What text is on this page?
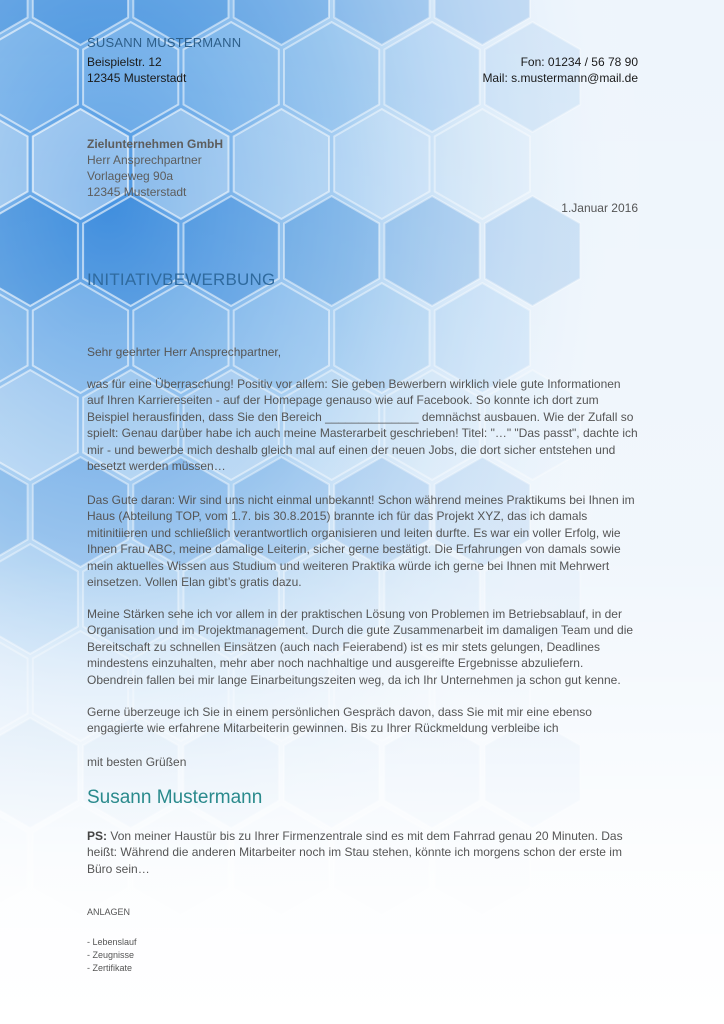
SUSANN MUSTERMANN
Beispielstr. 12
12345 Musterstadt
Fon: 01234 / 56 78 90
Mail: s.mustermann@mail.de
Zielunternehmen GmbH
Herr Ansprechpartner
Vorlageweg 90a
12345 Musterstadt
1.Januar 2016
INITIATIVBEWERBUNG

Sehr geehrter Herr Ansprechpartner,

was für eine Überraschung! Positiv vor allem: Sie geben Bewerbern wirklich viele gute Informationen auf Ihren Karriereseiten - auf der Homepage genauso wie auf Facebook. So konnte ich dort zum Beispiel herausfinden, dass Sie den Bereich ______________ demnächst ausbauen. Wie der Zufall so spielt: Genau darüber habe ich auch meine Masterarbeit geschrieben! Titel: "…" "Das passt", dachte ich mir - und bewerbe mich deshalb gleich mal auf einen der neuen Jobs, die dort sicher entstehen und besetzt werden müssen…

Das Gute daran: Wir sind uns nicht einmal unbekannt! Schon während meines Praktikums bei Ihnen im Haus (Abteilung TOP, vom 1.7. bis 30.8.2015) brannte ich für das Projekt XYZ, das ich damals mitinitiieren und schließlich verantwortlich organisieren und leiten durfte. Es war ein voller Erfolg, wie Ihnen Frau ABC, meine damalige Leiterin, sicher gerne bestätigt. Die Erfahrungen von damals sowie mein aktuelles Wissen aus Studium und weiteren Praktika würde ich gerne bei Ihnen mit Mehrwert einsetzen. Vollen Elan gibt’s gratis dazu.

Meine Stärken sehe ich vor allem in der praktischen Lösung von Problemen im Betriebsablauf, in der Organisation und im Projektmanagement. Durch die gute Zusammenarbeit im damaligen Team und die Bereitschaft zu schnellen Einsätzen (auch nach Feierabend) ist es mir stets gelungen, Deadlines mindestens einzuhalten, mehr aber noch nachhaltige und ausgereifte Ergebnisse abzuliefern. Obendrein fallen bei mir lange Einarbeitungszeiten weg, da ich Ihr Unternehmen ja schon gut kenne.

Gerne überzeuge ich Sie in einem persönlichen Gespräch davon, dass Sie mit mir eine ebenso engagierte wie erfahrene Mitarbeiterin gewinnen. Bis zu Ihrer Rückmeldung verbleibe ich

mit besten Grüßen

Susann Mustermann

PS: Von meiner Haustür bis zu Ihrer Firmenzentrale sind es mit dem Fahrrad genau 20 Minuten. Das heißt: Während die anderen Mitarbeiter noch im Stau stehen, könnte ich morgens schon der erste im Büro sein…

ANLAGEN
- Lebenslauf
- Zeugnisse
- Zertifikate
